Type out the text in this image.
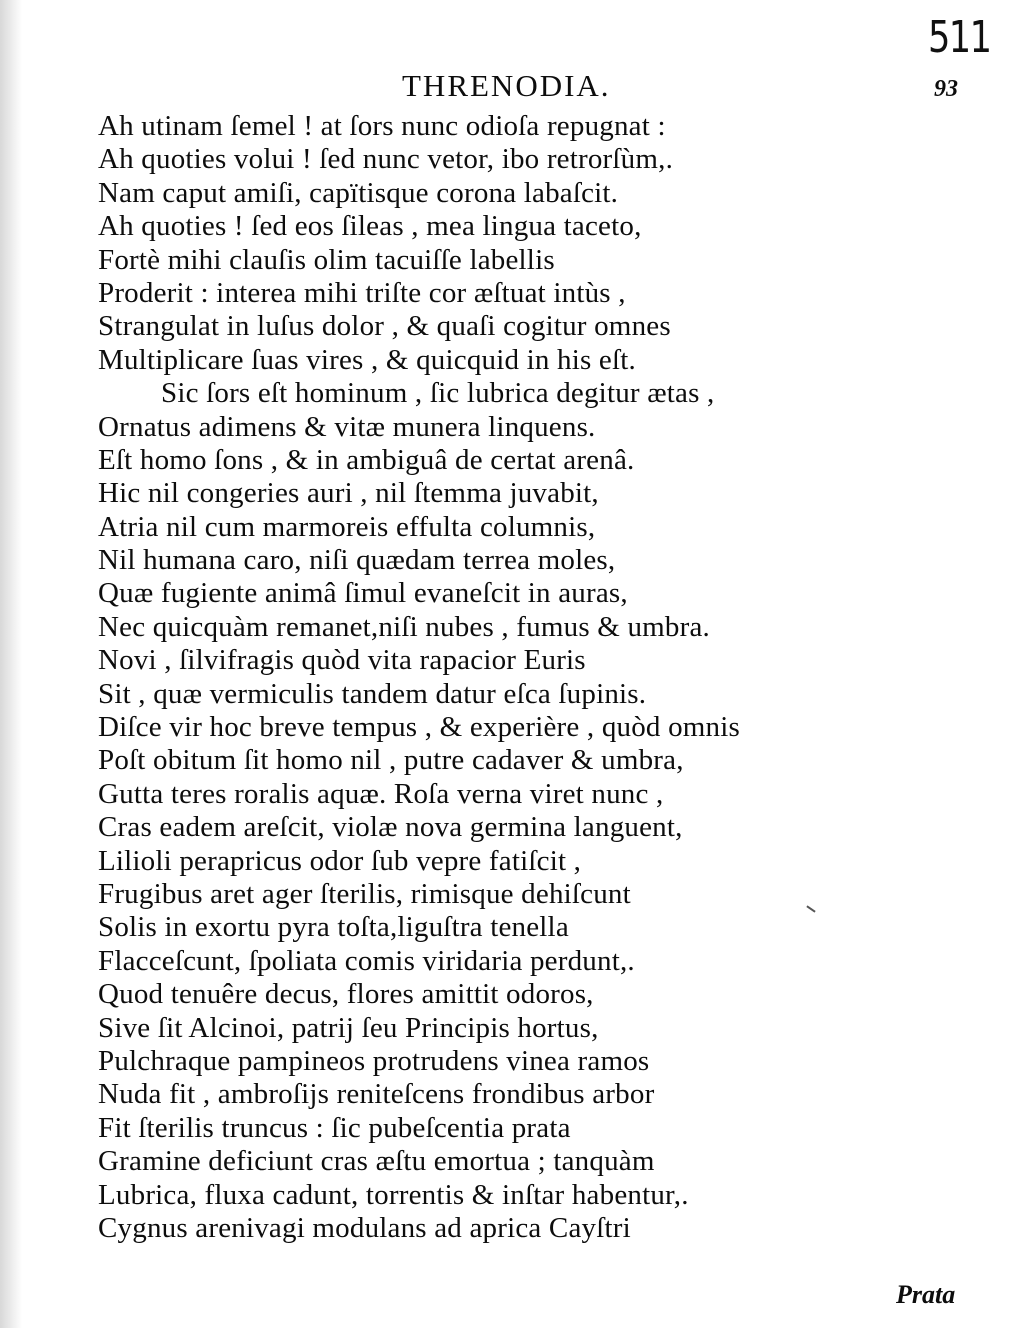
511
THRENODIA.	93
Ah utinam ſemel ! at ſors nunc odioſa repugnat :
Ah quoties volui ! ſed nunc vetor, ibo retrorſùm,.
Nam caput amiſi, capïtisque corona labaſcit.
Ah quoties ! ſed eos ſileas , mea lingua taceto,
Fortè mihi clauſis olim tacuiſſe labellis
Proderit : interea mihi triſte cor æſtuat intùs ,
Strangulat in luſus dolor , & quaſi cogitur omnes
Multiplicare ſuas vires , & quicquid in his eſt.
Sic ſors eſt hominum , ſic lubrica degitur ætas ,
Ornatus adimens & vitæ munera linquens.
Eſt homo ſons , & in ambiguâ de certat arenâ.
Hic nil congeries auri , nil ſtemma juvabit,
Atria nil cum marmoreis effulta columnis,
Nil humana caro, niſi quædam terrea moles,
Quæ fugiente animâ ſimul evaneſcit in auras,
Nec quicquàm remanet,niſi nubes , fumus & umbra.
Novi , ſilvifragis quòd vita rapacior Euris
Sit , quæ vermiculis tandem datur eſca ſupinis.
Diſce vir hoc breve tempus , & experière , quòd omnis
Poſt obitum ſit homo nil , putre cadaver & umbra,
Gutta teres roralis aquæ. Roſa verna viret nunc ,
Cras eadem areſcit, violæ nova germina languent,
Lilioli perapricus odor ſub vepre fatiſcit ,
Frugibus aret ager ſterilis, rimisque dehiſcunt
Solis in exortu pyra toſta,liguſtra tenella
Flacceſcunt, ſpoliata comis viridaria perdunt,.
Quod tenuêre decus, flores amittit odoros,
Sive ſit Alcinoi, patrij ſeu Principis hortus,
Pulchraque pampineos protrudens vinea ramos
Nuda fit , ambroſijs reniteſcens frondibus arbor
Fit ſterilis truncus : ſic pubeſcentia prata
Gramine deficiunt cras æſtu emortua ; tanquàm
Lubrica, fluxa cadunt, torrentis & inſtar habentur,.
Cygnus arenivagi modulans ad aprica Cayſtri
Prata
